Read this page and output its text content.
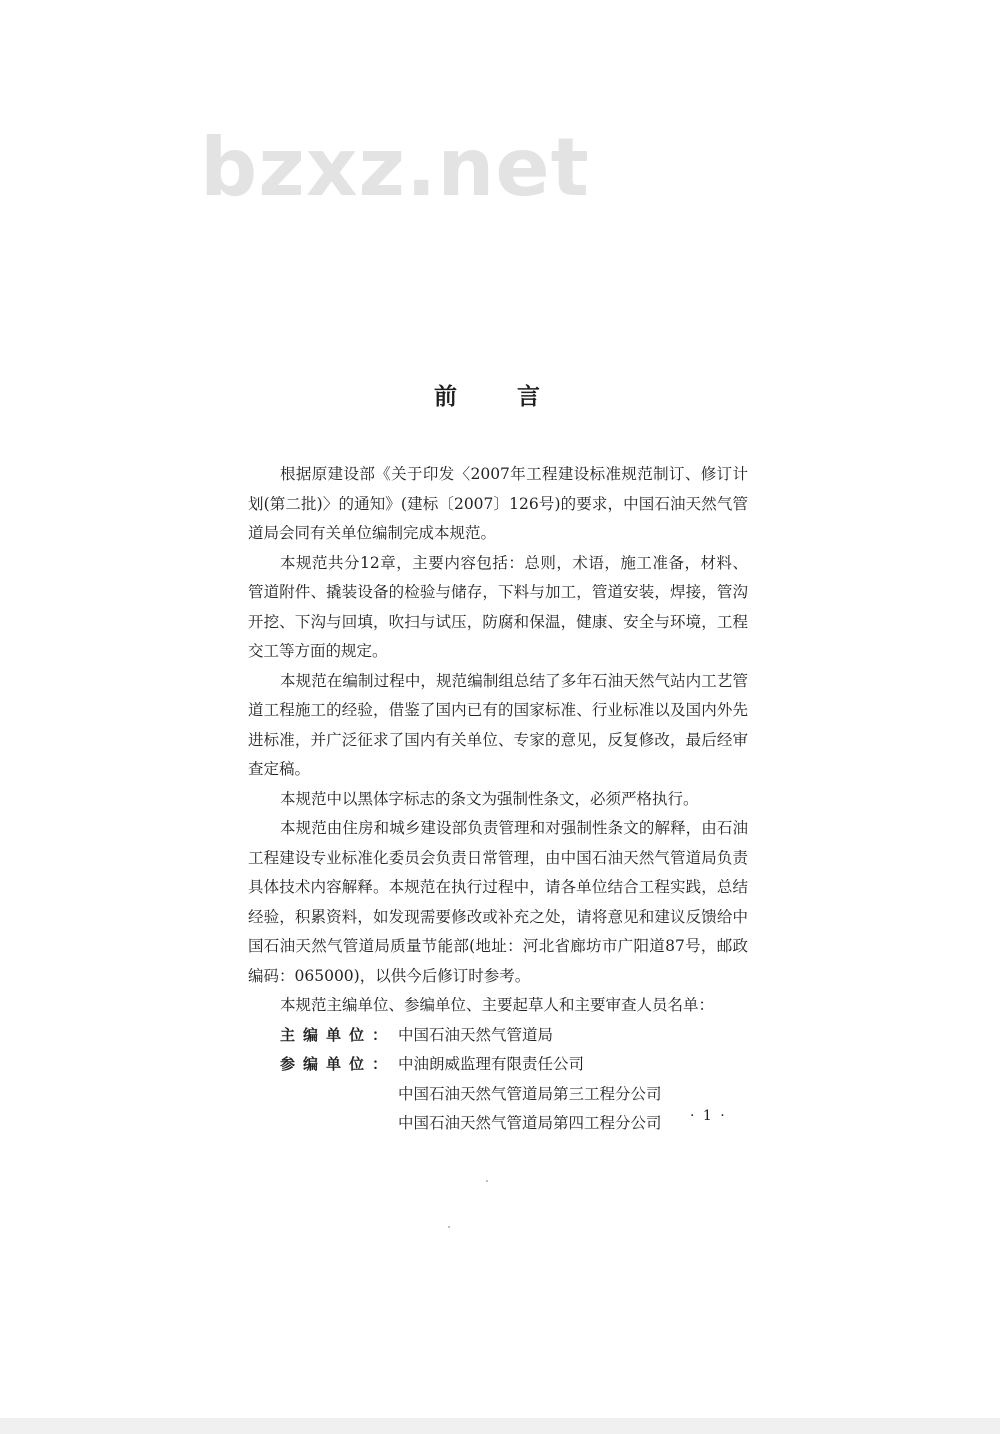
bzxz.net
前 言

根据原建设部《关于印发〈2007年工程建设标准规范制订、修订计划(第二批)〉的通知》(建标〔2007〕126号)的要求，中国石油天然气管道局会同有关单位编制完成本规范。

本规范共分12章，主要内容包括：总则，术语，施工准备，材料、管道附件、撬装设备的检验与储存，下料与加工，管道安装，焊接，管沟开挖、下沟与回填，吹扫与试压，防腐和保温，健康、安全与环境，工程交工等方面的规定。

本规范在编制过程中，规范编制组总结了多年石油天然气站内工艺管道工程施工的经验，借鉴了国内已有的国家标准、行业标准以及国内外先进标准，并广泛征求了国内有关单位、专家的意见，反复修改，最后经审查定稿。

本规范中以黑体字标志的条文为强制性条文，必须严格执行。

本规范由住房和城乡建设部负责管理和对强制性条文的解释，由石油工程建设专业标准化委员会负责日常管理，由中国石油天然气管道局负责具体技术内容解释。本规范在执行过程中，请各单位结合工程实践，总结经验，积累资料，如发现需要修改或补充之处，请将意见和建议反馈给中国石油天然气管道局质量节能部(地址：河北省廊坊市广阳道87号，邮政编码：065000)，以供今后修订时参考。

本规范主编单位、参编单位、主要起草人和主要审查人员名单：

主编单位： 中国石油天然气管道局
参编单位： 中油朗威监理有限责任公司
中国石油天然气管道局第三工程分公司
中国石油天然气管道局第四工程分公司	· 1 ·
